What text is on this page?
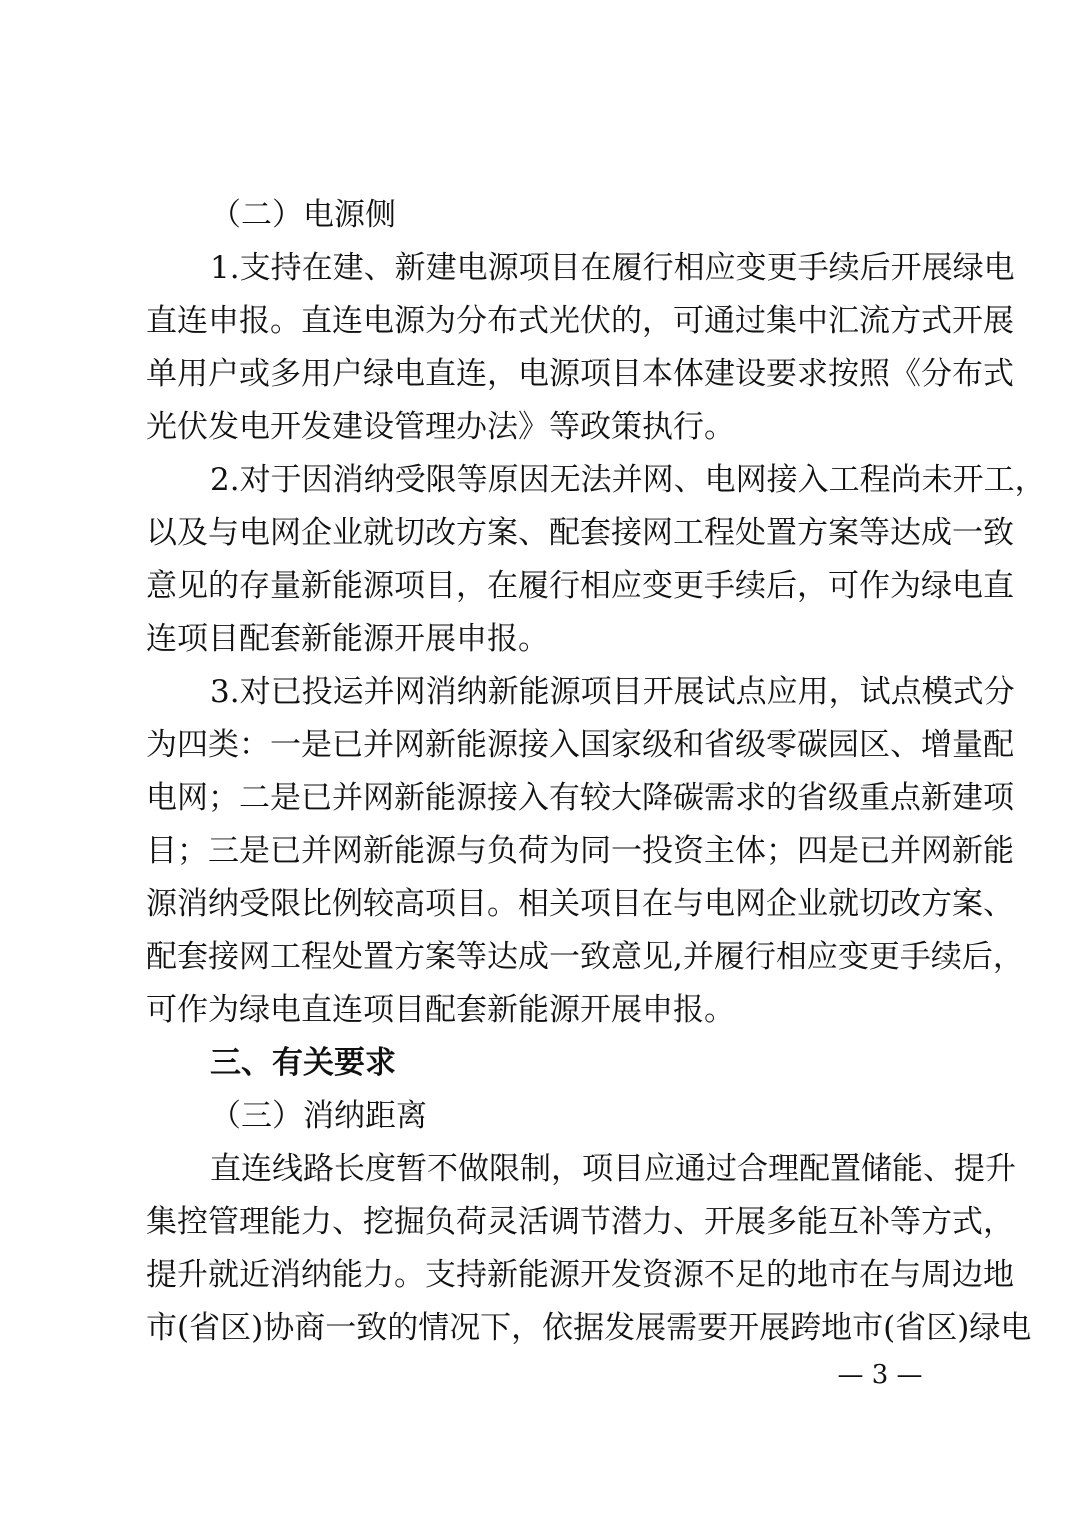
（二）电源侧
1.支持在建、新建电源项目在履行相应变更手续后开展绿电
直连申报。直连电源为分布式光伏的，可通过集中汇流方式开展
单用户或多用户绿电直连，电源项目本体建设要求按照《分布式
光伏发电开发建设管理办法》等政策执行。
2.对于因消纳受限等原因无法并网、电网接入工程尚未开工，
以及与电网企业就切改方案、配套接网工程处置方案等达成一致
意见的存量新能源项目，在履行相应变更手续后，可作为绿电直
连项目配套新能源开展申报。
3.对已投运并网消纳新能源项目开展试点应用，试点模式分
为四类：一是已并网新能源接入国家级和省级零碳园区、增量配
电网；二是已并网新能源接入有较大降碳需求的省级重点新建项
目；三是已并网新能源与负荷为同一投资主体；四是已并网新能
源消纳受限比例较高项目。相关项目在与电网企业就切改方案、
配套接网工程处置方案等达成一致意见,并履行相应变更手续后，
可作为绿电直连项目配套新能源开展申报。
三、有关要求
（三）消纳距离
直连线路长度暂不做限制，项目应通过合理配置储能、提升
集控管理能力、挖掘负荷灵活调节潜力、开展多能互补等方式，
提升就近消纳能力。支持新能源开发资源不足的地市在与周边地
市(省区)协商一致的情况下，依据发展需要开展跨地市(省区)绿电
— 3 —
